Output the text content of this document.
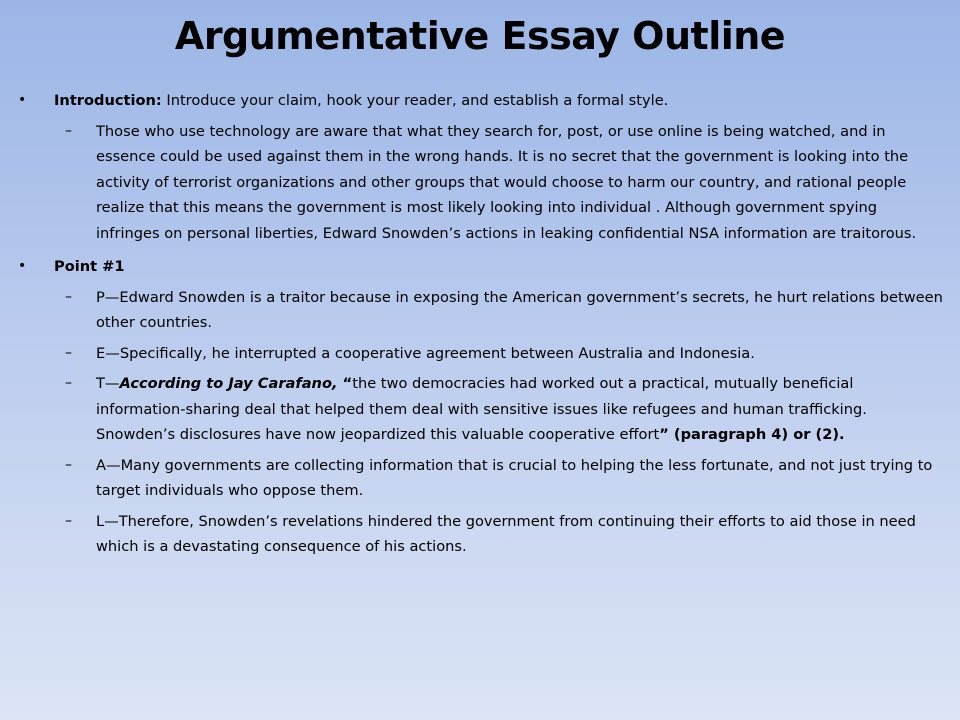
Argumentative Essay Outline
• Introduction: Introduce your claim, hook your reader, and establish a formal style.
– Those who use technology are aware that what they search for, post, or use online is being watched, and in essence could be used against them in the wrong hands. It is no secret that the government is looking into the activity of terrorist organizations and other groups that would choose to harm our country, and rational people realize that this means the government is most likely looking into individual . Although government spying infringes on personal liberties, Edward Snowden’s actions in leaking confidential NSA information are traitorous.
• Point #1
– P—Edward Snowden is a traitor because in exposing the American government’s secrets, he hurt relations between other countries.
– E—Specifically, he interrupted a cooperative agreement between Australia and Indonesia.
– T—According to Jay Carafano, “the two democracies had worked out a practical, mutually beneficial information-sharing deal that helped them deal with sensitive issues like refugees and human trafficking. Snowden’s disclosures have now jeopardized this valuable cooperative effort” (paragraph 4) or (2).
– A—Many governments are collecting information that is crucial to helping the less fortunate, and not just trying to target individuals who oppose them.
– L—Therefore, Snowden’s revelations hindered the government from continuing their efforts to aid those in need which is a devastating consequence of his actions.
